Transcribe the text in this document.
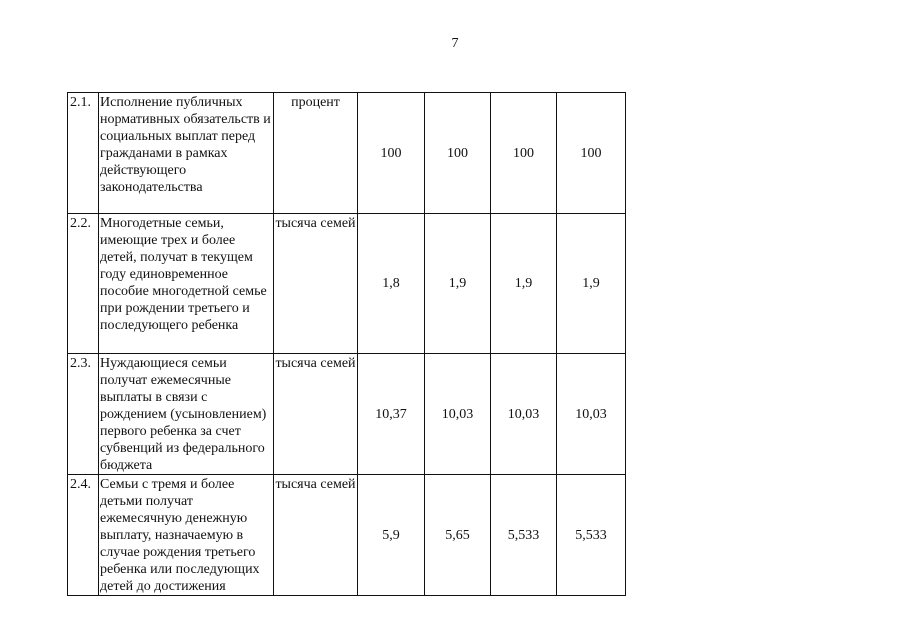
7
2.1.	Исполнение публичных нормативных обязательств и социальных выплат перед гражданами в рамках действующего законодательства	процент	100	100	100	100
2.2.	Многодетные семьи, имеющие трех и более детей, получат в текущем году единовременное пособие многодетной семье при рождении третьего и последующего ребенка	тысяча семей	1,8	1,9	1,9	1,9
2.3.	Нуждающиеся семьи получат ежемесячные выплаты в связи с рождением (усыновлением) первого ребенка за счет субвенций из федерального бюджета	тысяча семей	10,37	10,03	10,03	10,03
2.4.	Семьи с тремя и более детьми получат ежемесячную денежную выплату, назначаемую в случае рождения третьего ребенка или последующих детей до достижения	тысяча семей	5,9	5,65	5,533	5,533
